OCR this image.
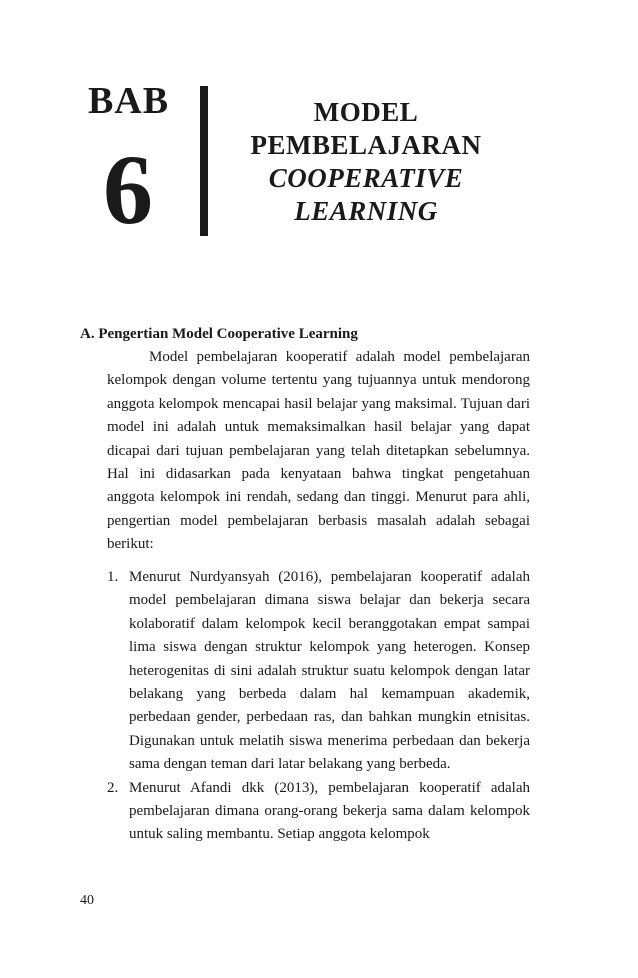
BAB
6
MODEL
PEMBELAJARAN
COOPERATIVE
LEARNING
A. Pengertian Model Cooperative Learning

Model pembelajaran kooperatif adalah model pembelajaran kelompok dengan volume tertentu yang tujuannya untuk mendorong anggota kelompok mencapai hasil belajar yang maksimal. Tujuan dari model ini adalah untuk memaksimalkan hasil belajar yang dapat dicapai dari tujuan pembelajaran yang telah ditetapkan sebelumnya. Hal ini didasarkan pada kenyataan bahwa tingkat pengetahuan anggota kelompok ini rendah, sedang dan tinggi. Menurut para ahli, pengertian model pembelajaran berbasis masalah adalah sebagai berikut:

1. Menurut Nurdyansyah (2016), pembelajaran kooperatif adalah model pembelajaran dimana siswa belajar dan bekerja secara kolaboratif dalam kelompok kecil beranggotakan empat sampai lima siswa dengan struktur kelompok yang heterogen. Konsep heterogenitas di sini adalah struktur suatu kelompok dengan latar belakang yang berbeda dalam hal kemampuan akademik, perbedaan gender, perbedaan ras, dan bahkan mungkin etnisitas. Digunakan untuk melatih siswa menerima perbedaan dan bekerja sama dengan teman dari latar belakang yang berbeda.
2. Menurut Afandi dkk (2013), pembelajaran kooperatif adalah pembelajaran dimana orang-orang bekerja sama dalam kelompok untuk saling membantu. Setiap anggota kelompok
40
